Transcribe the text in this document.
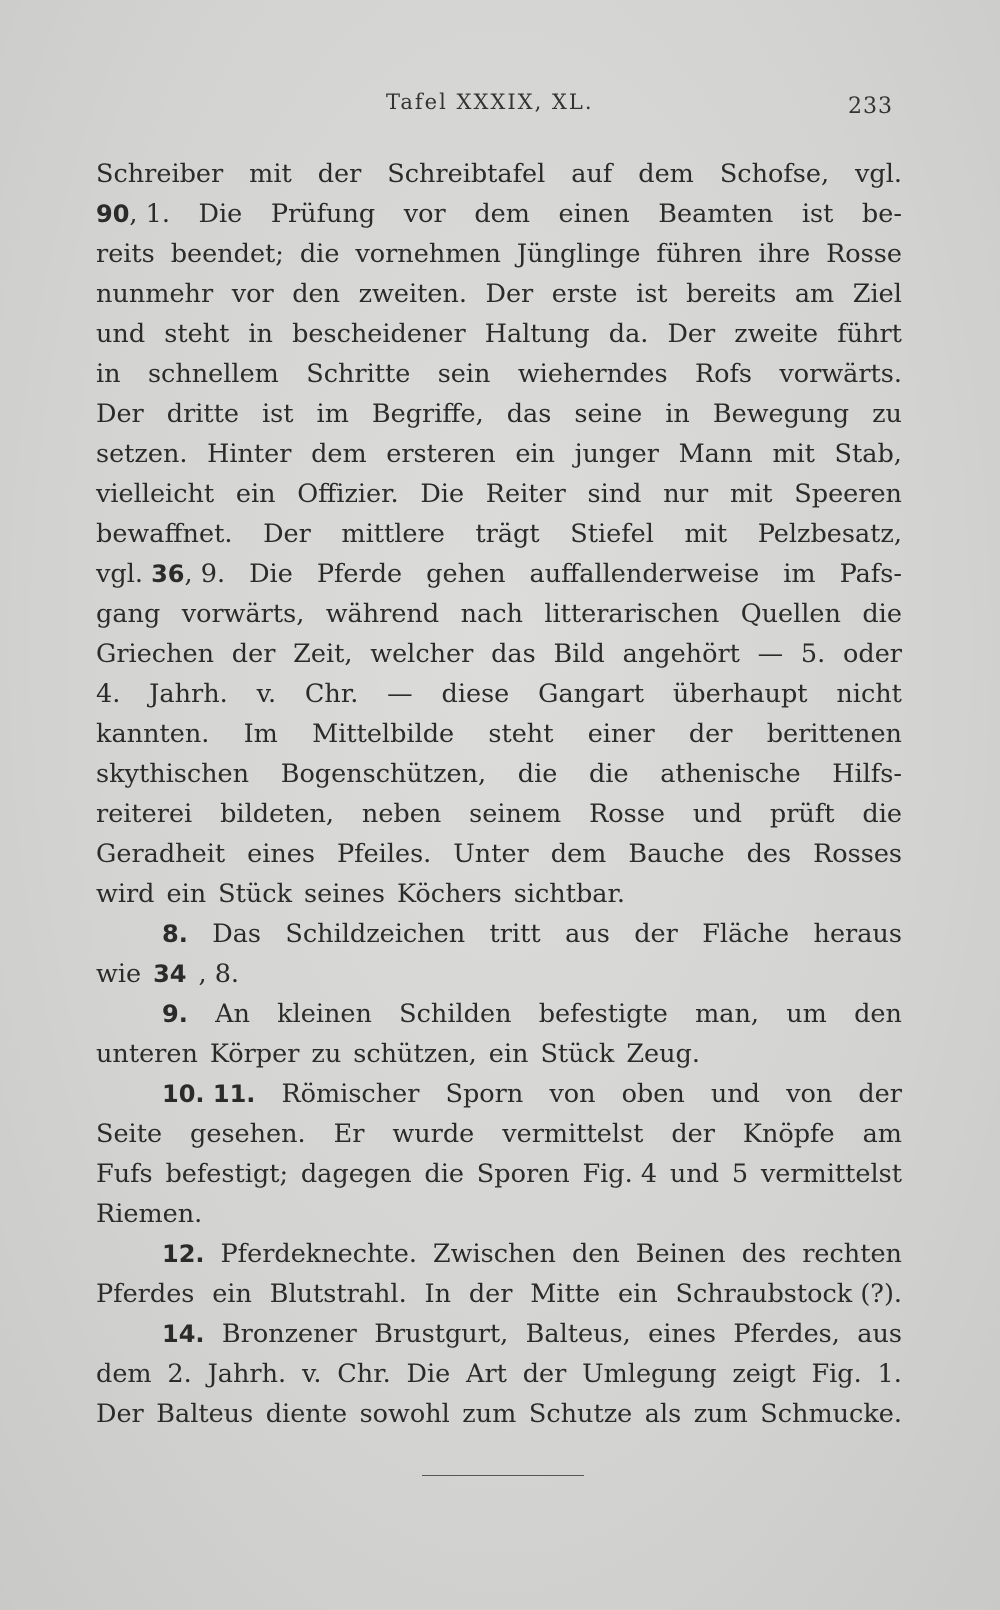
Tafel XXXIX, XL.	233
Schreiber mit der Schreibtafel auf dem Schofse, vgl.
90, 1. Die Prüfung vor dem einen Beamten ist be-
reits beendet; die vornehmen Jünglinge führen ihre Rosse
nunmehr vor den zweiten. Der erste ist bereits am Ziel
und steht in bescheidener Haltung da. Der zweite führt
in schnellem Schritte sein wieherndes Rofs vorwärts.
Der dritte ist im Begriffe, das seine in Bewegung zu
setzen. Hinter dem ersteren ein junger Mann mit Stab,
vielleicht ein Offizier. Die Reiter sind nur mit Speeren
bewaffnet. Der mittlere trägt Stiefel mit Pelzbesatz,
vgl. 36, 9. Die Pferde gehen auffallenderweise im Pafs-
gang vorwärts, während nach litterarischen Quellen die
Griechen der Zeit, welcher das Bild angehört — 5. oder
4. Jahrh. v. Chr. — diese Gangart überhaupt nicht
kannten. Im Mittelbilde steht einer der berittenen
skythischen Bogenschützen, die die athenische Hilfs-
reiterei bildeten, neben seinem Rosse und prüft die
Geradheit eines Pfeiles. Unter dem Bauche des Rosses
wird ein Stück seines Köchers sichtbar.
8. Das Schildzeichen tritt aus der Fläche heraus
wie 34 , 8.
9. An kleinen Schilden befestigte man, um den
unteren Körper zu schützen, ein Stück Zeug.
10. 11. Römischer Sporn von oben und von der
Seite gesehen. Er wurde vermittelst der Knöpfe am
Fufs befestigt; dagegen die Sporen Fig. 4 und 5 vermittelst
Riemen.
12. Pferdeknechte. Zwischen den Beinen des rechten
Pferdes ein Blutstrahl. In der Mitte ein Schraubstock (?).
14. Bronzener Brustgurt, Balteus, eines Pferdes, aus
dem 2. Jahrh. v. Chr. Die Art der Umlegung zeigt Fig. 1.
Der Balteus diente sowohl zum Schutze als zum Schmucke.
